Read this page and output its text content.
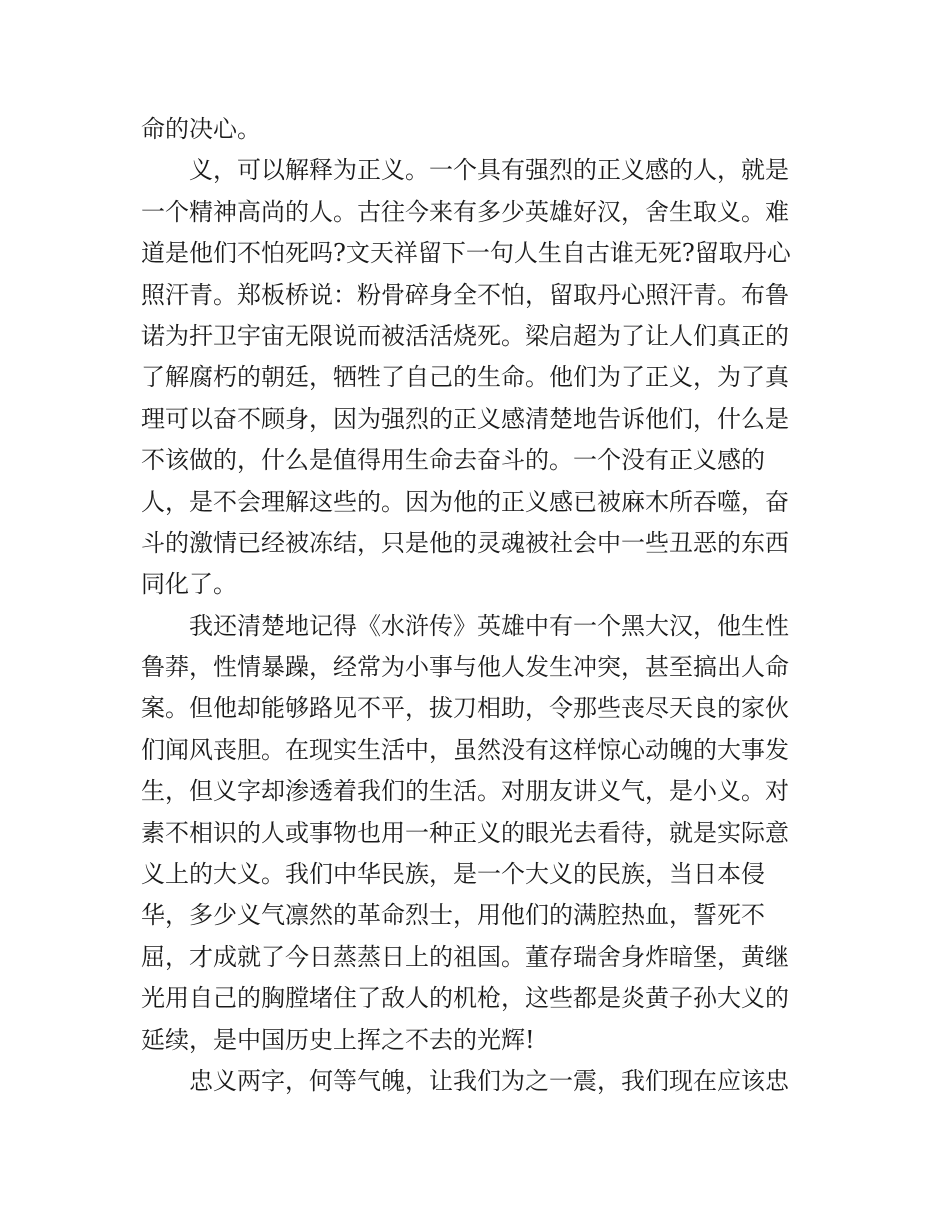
命的决心。
义，可以解释为正义。一个具有强烈的正义感的人，就是
一个精神高尚的人。古往今来有多少英雄好汉，舍生取义。难
道是他们不怕死吗?文天祥留下一句人生自古谁无死?留取丹心
照汗青。郑板桥说：粉骨碎身全不怕，留取丹心照汗青。布鲁
诺为扞卫宇宙无限说而被活活烧死。梁启超为了让人们真正的
了解腐朽的朝廷，牺牲了自己的生命。他们为了正义，为了真
理可以奋不顾身，因为强烈的正义感清楚地告诉他们，什么是
不该做的，什么是值得用生命去奋斗的。一个没有正义感的
人，是不会理解这些的。因为他的正义感已被麻木所吞噬，奋
斗的激情已经被冻结，只是他的灵魂被社会中一些丑恶的东西
同化了。
我还清楚地记得《水浒传》英雄中有一个黑大汉，他生性
鲁莽，性情暴躁，经常为小事与他人发生冲突，甚至搞出人命
案。但他却能够路见不平，拔刀相助，令那些丧尽天良的家伙
们闻风丧胆。在现实生活中，虽然没有这样惊心动魄的大事发
生，但义字却渗透着我们的生活。对朋友讲义气，是小义。对
素不相识的人或事物也用一种正义的眼光去看待，就是实际意
义上的大义。我们中华民族，是一个大义的民族，当日本侵
华，多少义气凛然的革命烈士，用他们的满腔热血，誓死不
屈，才成就了今日蒸蒸日上的祖国。董存瑞舍身炸暗堡，黄继
光用自己的胸膛堵住了敌人的机枪，这些都是炎黄子孙大义的
延续，是中国历史上挥之不去的光辉!
忠义两字，何等气魄，让我们为之一震，我们现在应该忠
